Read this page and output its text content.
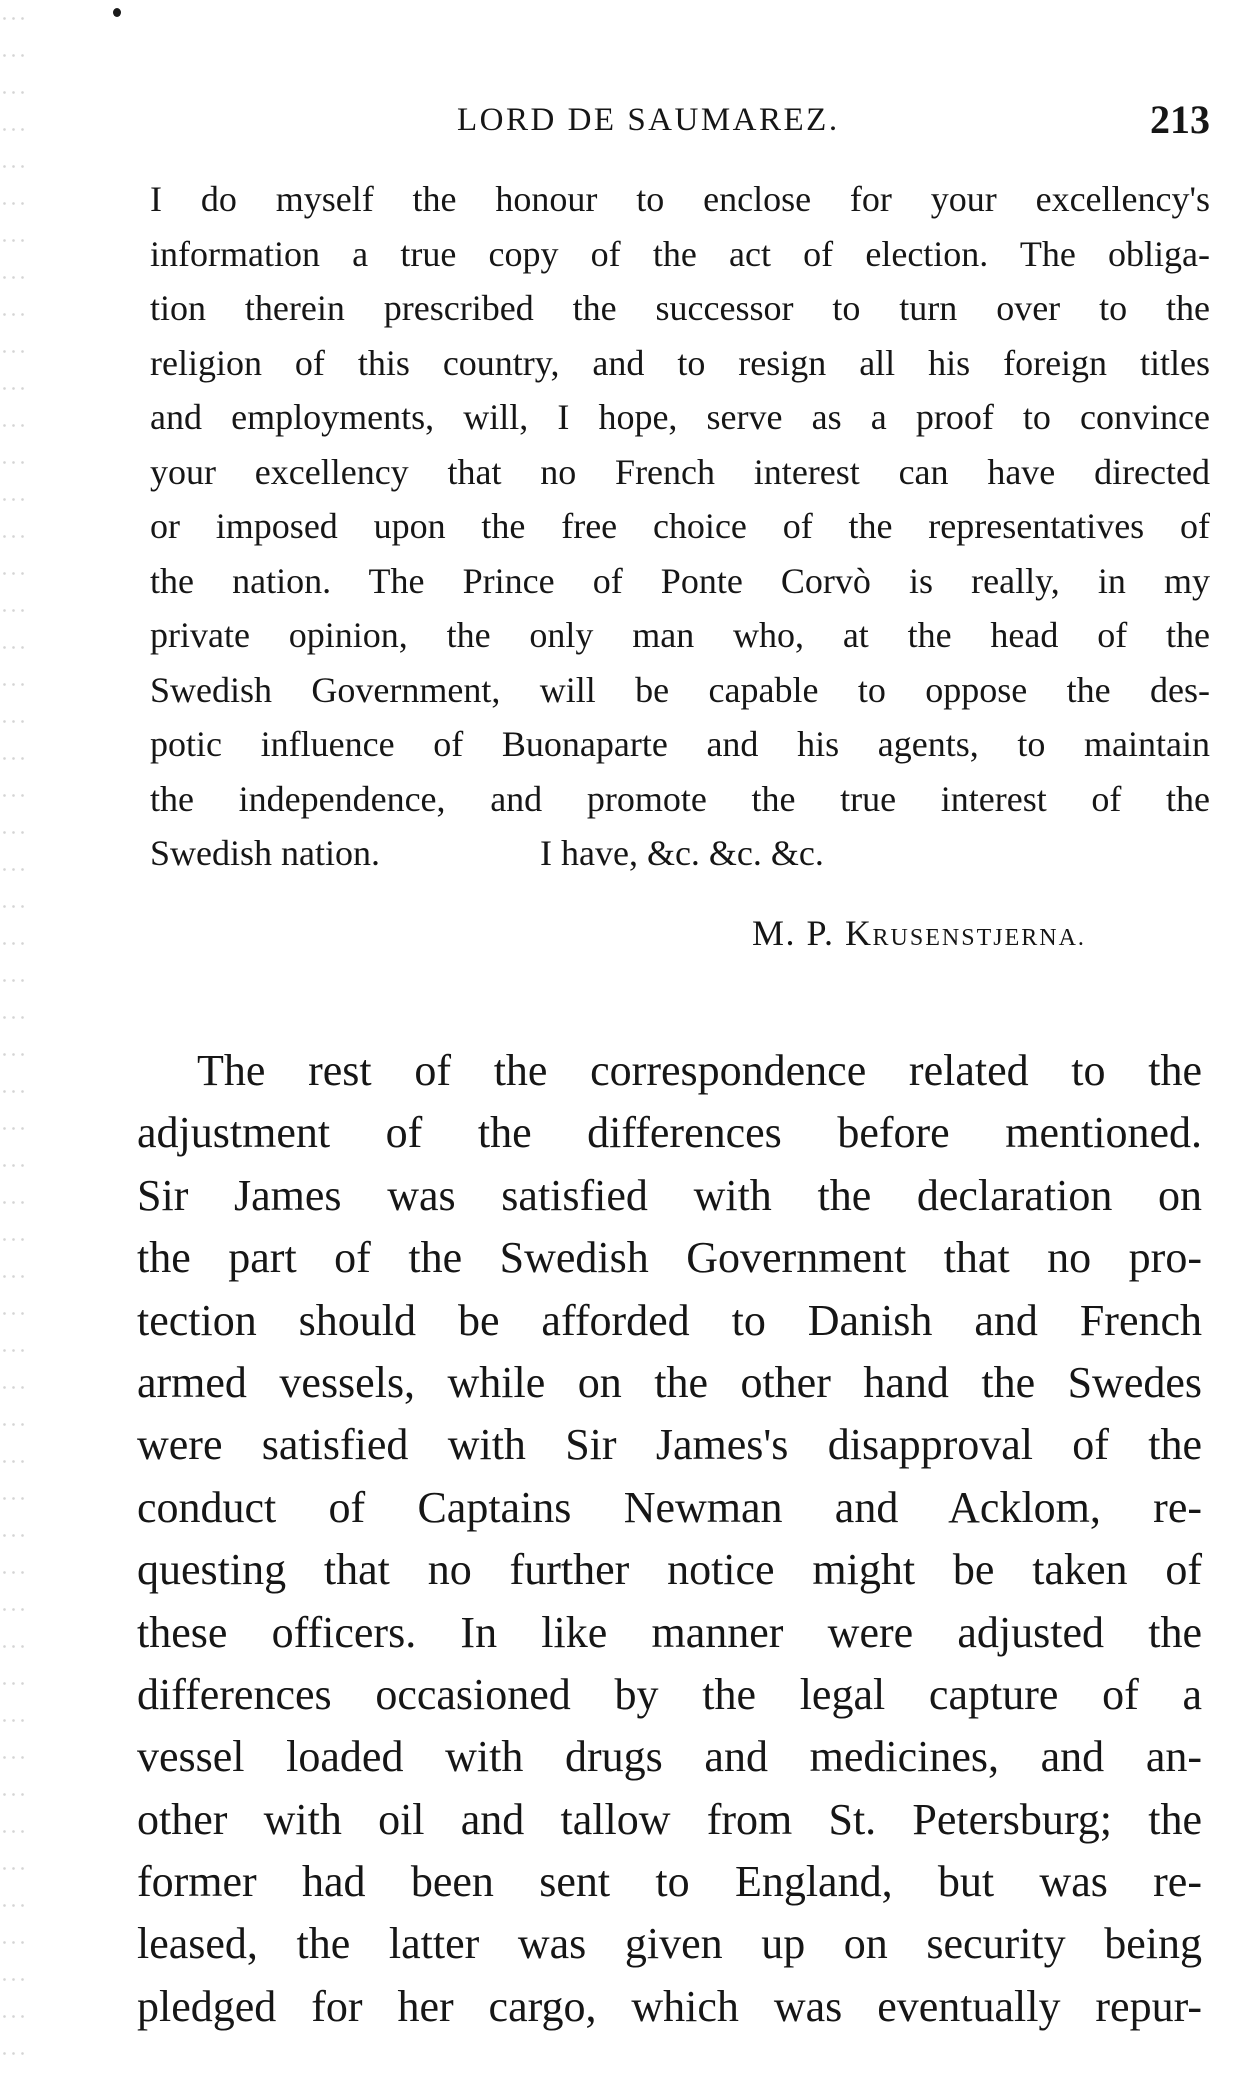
LORD DE SAUMAREZ.	213
I do myself the honour to enclose for your excellency's
information a true copy of the act of election. The obliga-
tion therein prescribed the successor to turn over to the
religion of this country, and to resign all his foreign titles
and employments, will, I hope, serve as a proof to convince
your excellency that no French interest can have directed
or imposed upon the free choice of the representatives of
the nation. The Prince of Ponte Corvò is really, in my
private opinion, the only man who, at the head of the
Swedish Government, will be capable to oppose the des-
potic influence of Buonaparte and his agents, to maintain
the independence, and promote the true interest of the
Swedish nation.	I have, &c. &c. &c.
M. P. KRUSENSTJERNA.
The rest of the correspondence related to the
adjustment of the differences before mentioned.
Sir James was satisfied with the declaration on
the part of the Swedish Government that no pro-
tection should be afforded to Danish and French
armed vessels, while on the other hand the Swedes
were satisfied with Sir James's disapproval of the
conduct of Captains Newman and Acklom, re-
questing that no further notice might be taken of
these officers. In like manner were adjusted the
differences occasioned by the legal capture of a
vessel loaded with drugs and medicines, and an-
other with oil and tallow from St. Petersburg; the
former had been sent to England, but was re-
leased, the latter was given up on security being
pledged for her cargo, which was eventually repur-
